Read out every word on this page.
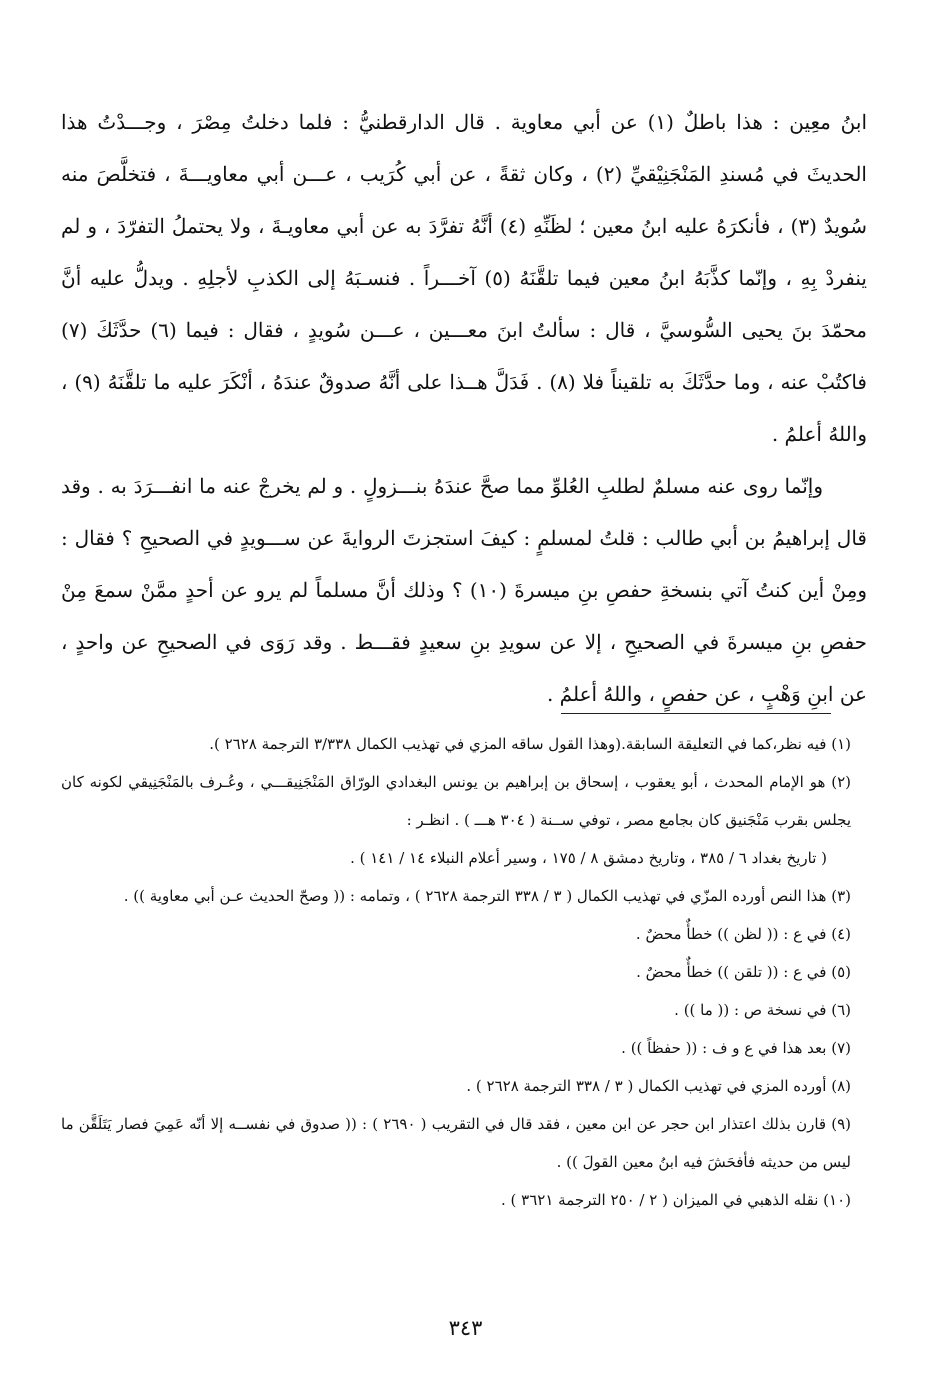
ابنُ معِين : هذا باطلٌ (١) عن أبي معاوية . قال الدارقطنيُّ : فلما دخلتُ مِصْرَ ، وجـــدْتُ هذا الحديثَ في مُسندِ المَنْجَنِيْقيِّ (٢) ، وكان ثقةً ، عن أبي كُرَيب ، عـــن أبي معاويـــةَ ، فتخلَّصَ منه سُويدٌ (٣) ، فأنكرَهُ عليه ابنُ معين ؛ لظَنِّهِ (٤) أنَّهُ تفرَّدَ به عن أبي معاويـةَ ، ولا يحتملُ التفرّدَ ، و لم ينفردْ بِهِ ، وإنّما كذَّبَهُ ابنُ معين فيما تلقَّنَهُ (٥) آخـــراً . فنسـبَهُ إلى الكذبِ لأجلِهِ . ويدلُّ عليه أنَّ محمّدَ بنَ يحيى السُّوسيَّ ، قال : سألتُ ابنَ معـــين ، عـــن سُويدٍ ، فقال : فيما (٦) حدَّثَكَ (٧) فاكتُبْ عنه ، وما حدَّثَكَ به تلقيناً فلا (٨) . فَدَلَّ هــذا على أنَّهُ صدوقٌ عندَهُ ، أنْكَرَ عليه ما تلقَّنَهُ (٩) ، واللهُ أعلمُ .

وإنّما روى عنه مسلمٌ لطلبِ العُلوِّ مما صحَّ عندَهُ بنـــزولٍ . و لم يخرجْ عنه ما انفـــرَدَ به . وقد قال إبراهيمُ بن أبي طالب : قلتُ لمسلمٍ : كيفَ استجزتَ الروايةَ عن ســـويدٍ في الصحيحِ ؟ فقال : ومِنْ أين كنتُ آتي بنسخةِ حفصِ بنِ ميسرةَ (١٠) ؟ وذلك أنَّ مسلماً لم يرو عن أحدٍ ممَّنْ سمعَ مِنْ حفصِ بنِ ميسرةَ في الصحيحِ ، إلا عن سويدِ بنِ سعيدٍ فقـــط . وقد رَوَى في الصحيحِ عن واحدٍ ، عن ابنِ وَهْبٍ ، عن حفصٍ ، واللهُ أعلمُ .

(١) فيه نظر،كما في التعليقة السابقة.(وهذا القول ساقه المزي في تهذيب الكمال ٣/٣٣٨ الترجمة ٢٦٢٨ ).

(٢) هو الإمام المحدث ، أبو يعقوب ، إسحاق بن إبراهيم بن يونس البغدادي الورّاق المَنْجَنِيقـــي ، وعُـرف بالمَنْجَنِيقي لكونه كان يجلس بقرب مَنْجَنيق كان بجامع مصر ، توفي ســنة ( ٣٠٤ هـــ ) . انظـر :

( تاريخ بغداد ٦ / ٣٨٥ ، وتاريخ دمشق ٨ / ١٧٥ ، وسير أعلام النبلاء ١٤ / ١٤١ ) .

(٣) هذا النص أورده المزّي في تهذيب الكمال ( ٣ / ٣٣٨ الترجمة ٢٦٢٨ ) ، وتمامه : (( وصحّ الحديث عـن أبي معاوية )) .

(٤) في ع : (( لظن )) خطأٌ محضٌ .

(٥) في ع : (( تلقن )) خطأٌ محضٌ .

(٦) في نسخة ص : (( ما )) .

(٧) بعد هذا في ع و ف : (( حفظاً )) .

(٨) أورده المزي في تهذيب الكمال ( ٣ / ٣٣٨ الترجمة ٢٦٢٨ ) .

(٩) قارن بذلك اعتذار ابن حجر عن ابن معين ، فقد قال في التقريب ( ٢٦٩٠ ) : (( صدوق في نفســه إلا أنّه عَمِيَ فصار يَتَلَقَّن ما ليس من حديثه فأفحَشَ فيه ابنُ معين القولَ )) .

(١٠) نقله الذهبي في الميزان ( ٢ / ٢٥٠ الترجمة ٣٦٢١ ) .

٣٤٣
